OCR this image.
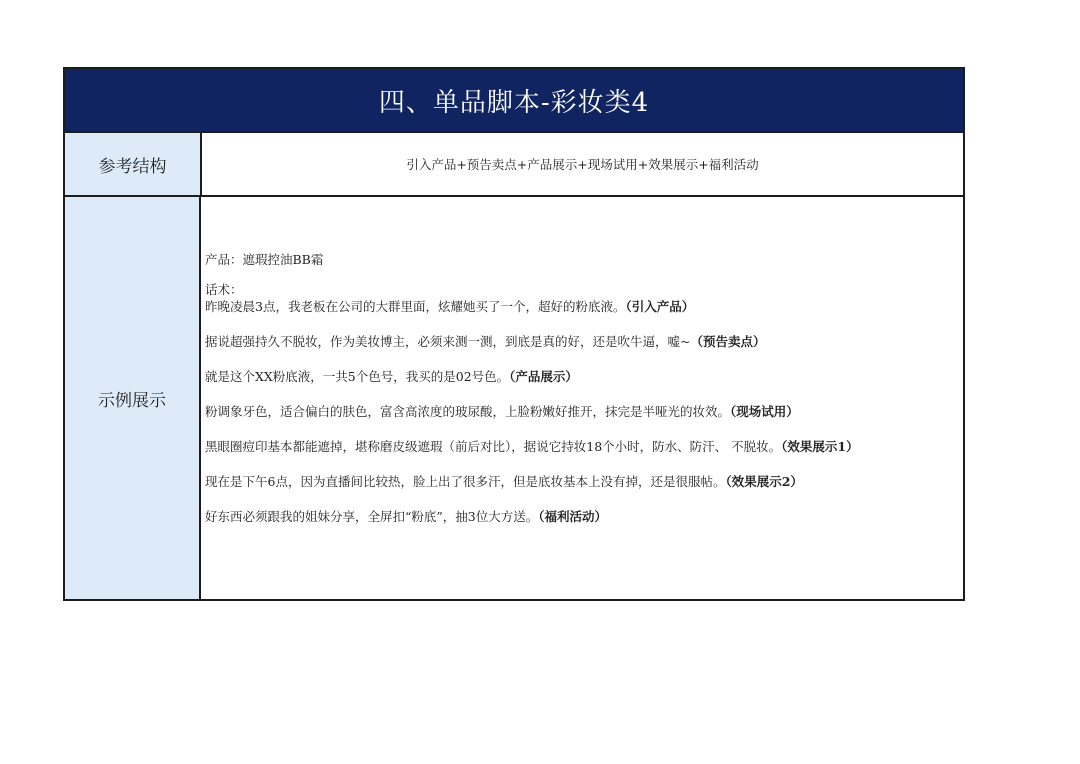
四、单品脚本-彩妆类4
参考结构	引入产品+预告卖点+产品展示+现场试用+效果展示+福利活动
示例展示

产品：遮瑕控油BB霜

话术：

昨晚凌晨3点，我老板在公司的大群里面，炫耀她买了一个，超好的粉底液。（引入产品）

据说超强持久不脱妆，作为美妆博主，必须来测一测，到底是真的好，还是吹牛逼，嘘~（预告卖点）

就是这个XX粉底液，一共5个色号，我买的是02号色。（产品展示）

粉调象牙色，适合偏白的肤色，富含高浓度的玻尿酸，上脸粉嫩好推开，抹完是半哑光的妆效。（现场试用）

黑眼圈痘印基本都能遮掉，堪称磨皮级遮瑕（前后对比），据说它持妆18个小时，防水、防汗、 不脱妆。（效果展示1）

现在是下午6点，因为直播间比较热，脸上出了很多汗，但是底妆基本上没有掉，还是很服帖。（效果展示2）

好东西必须跟我的姐妹分享，全屏扣“粉底”，抽3位大方送。（福利活动）
